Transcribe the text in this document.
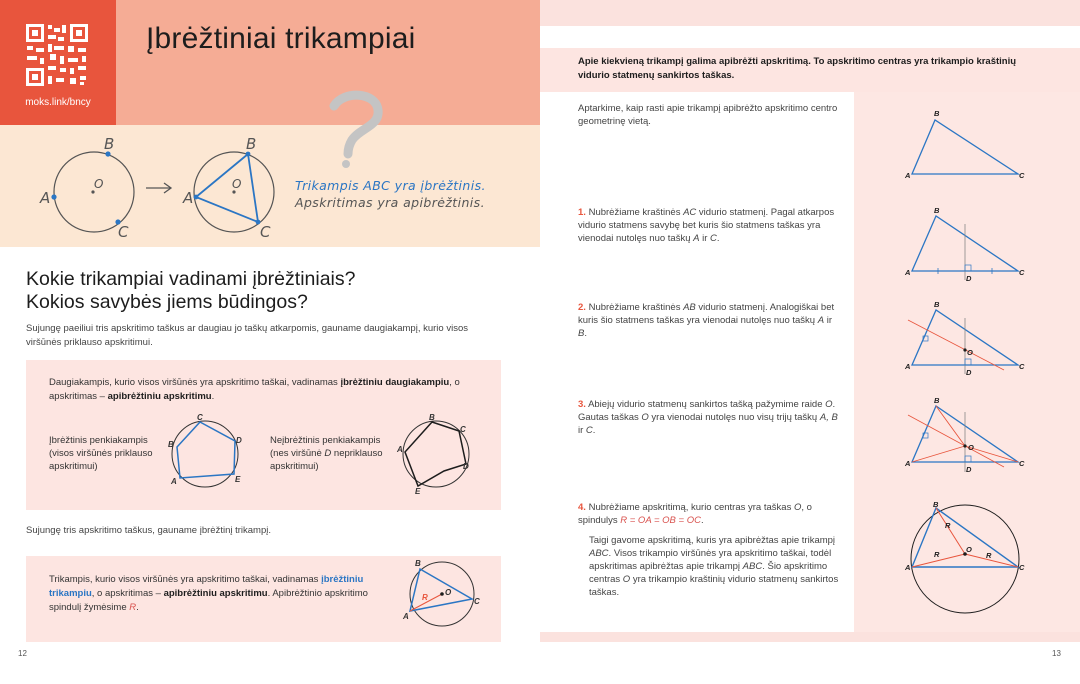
moks.link/bncy
Įbrėžtiniai trikampiai
B
A
C
O
B
A
C
O	Trikampis ABC yra įbrėžtinis.
Apskritimas yra apibrėžtinis.
Kokie trikampiai vadinami įbrėžtiniais?
Kokios savybės jiems būdingos?
Sujungę paeiliui tris apskritimo taškus ar daugiau jo taškų atkarpomis, gauname daugiakampį, kurio visos viršūnės priklauso apskritimui.
Daugiakampis, kurio visos viršūnės yra apskritimo taškai, vadinamas įbrėžtiniu daugiakampiu, o apskritimas – apibrėžtiniu apskritimu.
Įbrėžtinis penkiakampis (visos viršūnės priklauso apskritimui)
Neįbrėžtinis penkiakampis (nes viršūnė D nepriklauso apskritimui)
C
D
E
A
B
B
C
D
E
A
Sujungę tris apskritimo taškus, gauname įbrėžtinį trikampį.
Trikampis, kurio visos viršūnės yra apskritimo taškai, vadinamas įbrėžtiniu trikampiu, o apskritimas – apibrėžtiniu apskritimu. Apibrėžtinio apskritimo spindulį žymėsime R.
B
A
C
O
R
12
Apie kiekvieną trikampį galima apibrėžti apskritimą. To apskritimo centras yra trikampio kraštinių vidurio statmenų sankirtos taškas.
Aptarkime, kaip rasti apie trikampį apibrėžto apskritimo centro geometrinę vietą.
1. Nubrėžiame kraštinės AC vidurio statmenį. Pagal atkarpos vidurio statmens savybę bet kuris šio statmens taškas yra vienodai nutolęs nuo taškų A ir C.
2. Nubrėžiame kraštinės AB vidurio statmenį. Analogiškai bet kuris šio statmens taškas yra vienodai nutolęs nuo taškų A ir B.
3. Abiejų vidurio statmenų sankirtos tašką pažymime raide O. Gautas taškas O yra vienodai nutolęs nuo visų trijų taškų A, B ir C.
4. Nubrėžiame apskritimą, kurio centras yra taškas O, o spindulys R = OA = OB = OC.
Taigi gavome apskritimą, kuris yra apibrėžtas apie trikampį ABC. Visos trikampio viršūnės yra apskritimo taškai, todėl apskritimas apibrėžtas apie trikampį ABC. Šio apskritimo centras O yra trikampio kraštinių vidurio statmenų sankirtos taškas.
B
A	C
B
A	C
D
B
A	C
D
O
B
A	C
D
O
B
A	C
O
R
R	R
13
